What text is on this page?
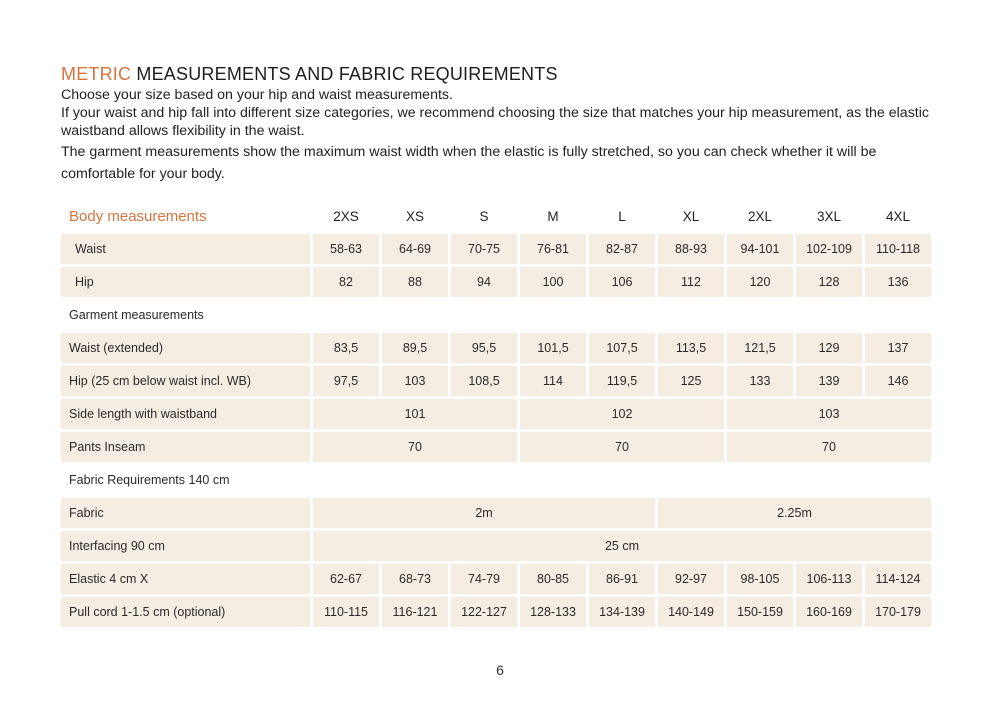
METRIC MEASUREMENTS AND FABRIC REQUIREMENTS

Choose your size based on your hip and waist measurements.

If your waist and hip fall into different size categories, we recommend choosing the size that matches your hip measurement, as the elastic waistband allows flexibility in the waist.

The garment measurements show the maximum waist width when the elastic is fully stretched, so you can check whether it will be comfortable for your body.

Body measurements	2XS	XS	S	M	L	XL	2XL	3XL	4XL
Waist	58-63	64-69	70-75	76-81	82-87	88-93	94-101	102-109	110-118
Hip	82	88	94	100	106	112	120	128	136
Garment measurements									
Waist (extended)	83,5	89,5	95,5	101,5	107,5	113,5	121,5	129	137
Hip (25 cm below waist incl. WB)	97,5	103	108,5	114	119,5	125	133	139	146
Side length with waistband	101			102			103		
Pants Inseam	70			70			70		
Fabric Requirements 140 cm									
Fabric	2m					2.25m			
Interfacing 90 cm	25 cm								
Elastic 4 cm X	62-67	68-73	74-79	80-85	86-91	92-97	98-105	106-113	114-124
Pull cord 1-1.5 cm (optional)	110-115	116-121	122-127	128-133	134-139	140-149	150-159	160-169	170-179
6
